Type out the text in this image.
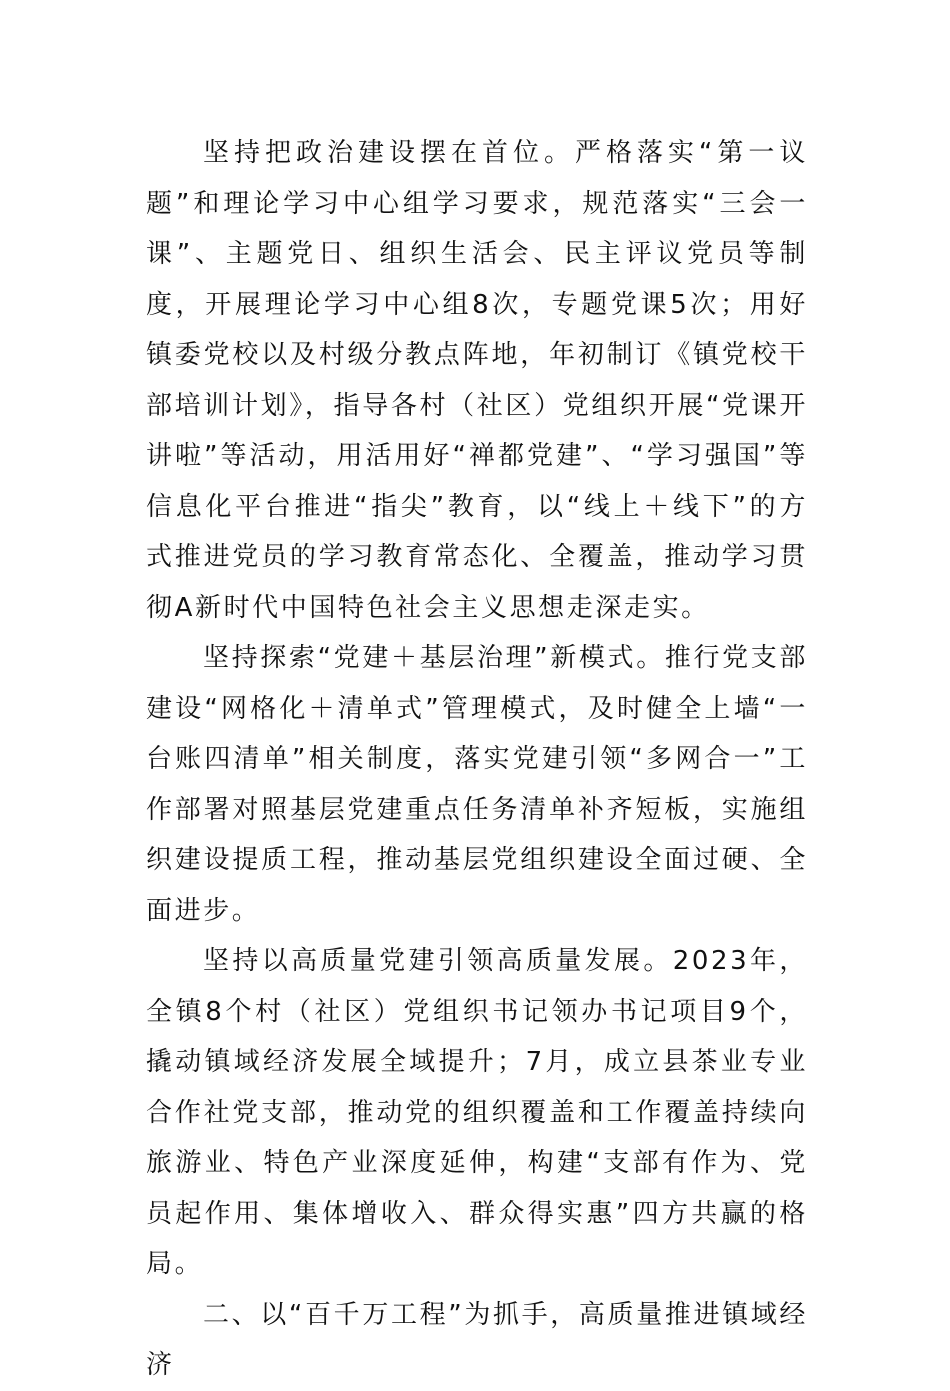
坚持把政治建设摆在首位。严格落实“第一议题”和理论学习中心组学习要求，规范落实“三会一课”、主题党日、组织生活会、民主评议党员等制度，开展理论学习中心组8次，专题党课5次；用好镇委党校以及村级分教点阵地，年初制订《镇党校干部培训计划》，指导各村（社区）党组织开展“党课开讲啦”等活动，用活用好“禅都党建”、“学习强国”等信息化平台推进“指尖”教育，以“线上＋线下”的方式推进党员的学习教育常态化、全覆盖，推动学习贯彻A新时代中国特色社会主义思想走深走实。

坚持探索“党建＋基层治理”新模式。推行党支部建设“网格化＋清单式”管理模式，及时健全上墙“一台账四清单”相关制度，落实党建引领“多网合一”工作部署对照基层党建重点任务清单补齐短板，实施组织建设提质工程，推动基层党组织建设全面过硬、全面进步。

坚持以高质量党建引领高质量发展。2023年，全镇8个村（社区）党组织书记领办书记项目9个，撬动镇域经济发展全域提升；7月，成立县茶业专业合作社党支部，推动党的组织覆盖和工作覆盖持续向旅游业、特色产业深度延伸，构建“支部有作为、党员起作用、集体增收入、群众得实惠”四方共赢的格局。

二、以“百千万工程”为抓手，高质量推进镇域经济
